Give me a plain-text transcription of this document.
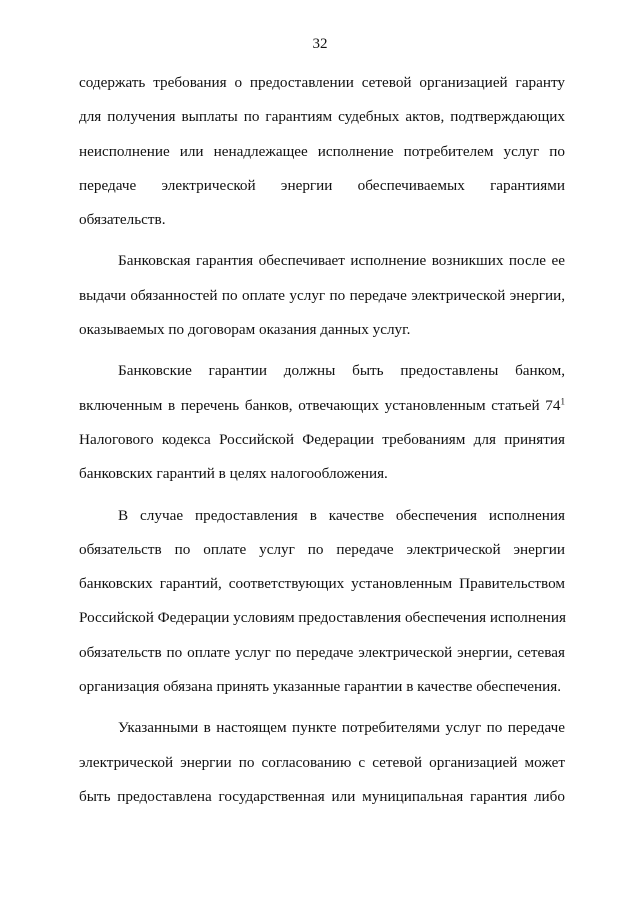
32
содержать требования о предоставлении сетевой организацией гаранту
для получения выплаты по гарантиям судебных актов, подтверждающих
неисполнение или ненадлежащее исполнение потребителем услуг по
передаче электрической энергии обеспечиваемых гарантиями
обязательств.
Банковская гарантия обеспечивает исполнение возникших после ее
выдачи обязанностей по оплате услуг по передаче электрической энергии,
оказываемых по договорам оказания данных услуг.
Банковские гарантии должны быть предоставлены банком,
включенным в перечень банков, отвечающих установленным статьей $74^1$
Налогового кодекса Российской Федерации требованиям для принятия
банковских гарантий в целях налогообложения.
В случае предоставления в качестве обеспечения исполнения
обязательств по оплате услуг по передаче электрической энергии
банковских гарантий, соответствующих установленным Правительством
Российской Федерации условиям предоставления обеспечения исполнения
обязательств по оплате услуг по передаче электрической энергии, сетевая
организация обязана принять указанные гарантии в качестве обеспечения.
Указанными в настоящем пункте потребителями услуг по передаче
электрической энергии по согласованию с сетевой организацией может
быть предоставлена государственная или муниципальная гарантия либо
